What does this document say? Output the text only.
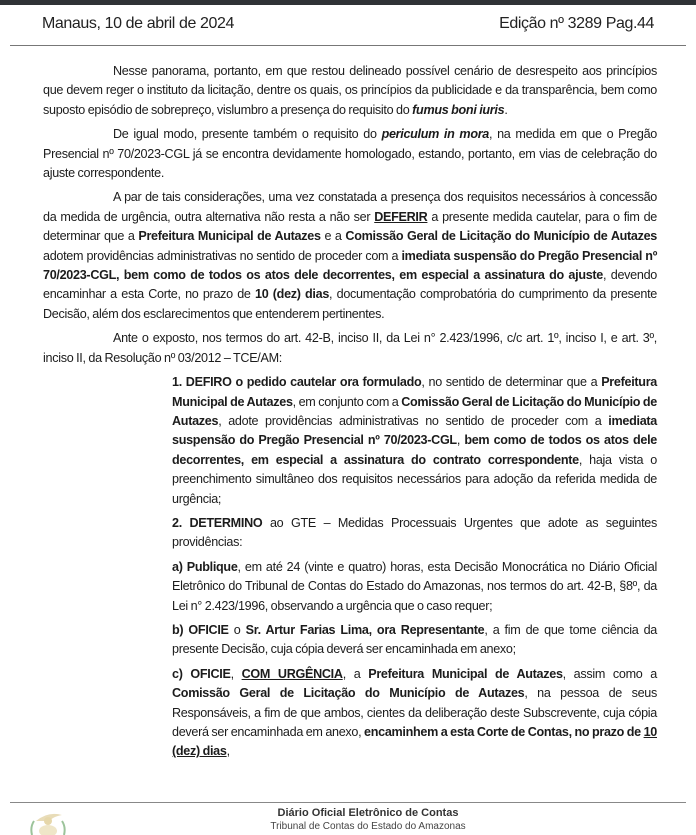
Manaus, 10 de abril de 2024	Edição nº 3289 Pag.44

Nesse panorama, portanto, em que restou delineado possível cenário de desrespeito aos princípios que devem reger o instituto da licitação, dentre os quais, os princípios da publicidade e da transparência, bem como suposto episódio de sobrepreço, vislumbro a presença do requisito do fumus boni iuris.

De igual modo, presente também o requisito do periculum in mora, na medida em que o Pregão Presencial nº 70/2023-CGL já se encontra devidamente homologado, estando, portanto, em vias de celebração do ajuste correspondente.

A par de tais considerações, uma vez constatada a presença dos requisitos necessários à concessão da medida de urgência, outra alternativa não resta a não ser DEFERIR a presente medida cautelar, para o fim de determinar que a Prefeitura Municipal de Autazes e a Comissão Geral de Licitação do Município de Autazes adotem providências administrativas no sentido de proceder com a imediata suspensão do Pregão Presencial nº 70/2023-CGL, bem como de todos os atos dele decorrentes, em especial a assinatura do ajuste, devendo encaminhar a esta Corte, no prazo de 10 (dez) dias, documentação comprobatória do cumprimento da presente Decisão, além dos esclarecimentos que entenderem pertinentes.

Ante o exposto, nos termos do art. 42-B, inciso II, da Lei n° 2.423/1996, c/c art. 1º, inciso I, e art. 3º, inciso II, da Resolução nº 03/2012 – TCE/AM:

1. DEFIRO o pedido cautelar ora formulado, no sentido de determinar que a Prefeitura Municipal de Autazes, em conjunto com a Comissão Geral de Licitação do Município de Autazes, adote providências administrativas no sentido de proceder com a imediata suspensão do Pregão Presencial nº 70/2023-CGL, bem como de todos os atos dele decorrentes, em especial a assinatura do contrato correspondente, haja vista o preenchimento simultâneo dos requisitos necessários para adoção da referida medida de urgência;

2. DETERMINO ao GTE – Medidas Processuais Urgentes que adote as seguintes providências:

a) Publique, em até 24 (vinte e quatro) horas, esta Decisão Monocrática no Diário Oficial Eletrônico do Tribunal de Contas do Estado do Amazonas, nos termos do art. 42-B, §8º, da Lei n° 2.423/1996, observando a urgência que o caso requer;

b) OFICIE o Sr. Artur Farias Lima, ora Representante, a fim de que tome ciência da presente Decisão, cuja cópia deverá ser encaminhada em anexo;

c) OFICIE, COM URGÊNCIA, a Prefeitura Municipal de Autazes, assim como a Comissão Geral de Licitação do Município de Autazes, na pessoa de seus Responsáveis, a fim de que ambos, cientes da deliberação deste Subscrevente, cuja cópia deverá ser encaminhada em anexo, encaminhem a esta Corte de Contas, no prazo de 10 (dez) dias,

Diário Oficial Eletrônico de Contas
Tribunal de Contas do Estado do Amazonas
